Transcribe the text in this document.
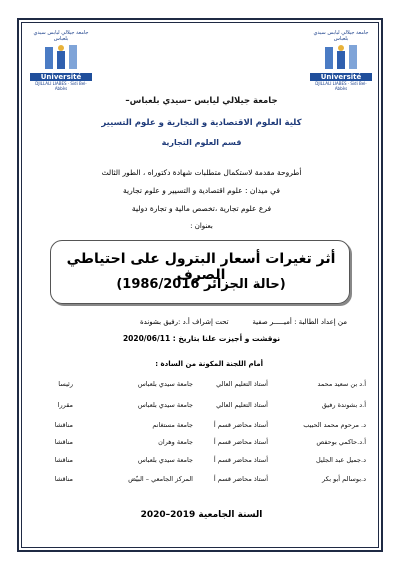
جامعة جيلالي ليابس سيدي بلعباس
Université
DJILLALI LIABES · Sidi Bel-Abbès
جامعة جيلالي ليابس سيدي بلعباس
Université
DJILLALI LIABES · Sidi Bel-Abbès
جامعة جيلالي ليابس –سيدي بلعباس–
كلية العلوم الاقتصادية و التجارية و علوم التسيير
قسم العلوم التجارية
أطروحة مقدمة لاستكمال متطلبات شهادة دكتوراه ، الطور الثالث
في ميدان : علوم اقتصادية و التسيير و علوم تجارية
فرع علوم تجارية ،تخصص مالية و تجارة دولية
بعنوان :
أثر تغيرات أسعار البترول على احتياطي الصرف
(حالة الجزائر 1986/2016)
من إعداد الطالبة : أميـــــر صفية
تحت إشراف أ.د :رفيق بشوندة
نوقشت و أجيزت علنا بتاريخ : 2020/06/11
أمام اللجنة المكونة من السادة :
أ.د بن سعيد محمد
أستاذ التعليم العالي
جامعة سيدي بلعباس
رئيسا
أ.د بشوندة رفيق
أستاذ التعليم العالي
جامعة سيدي بلعباس
مقررا
د. مرحوم محمد الحبيب
أستاذ محاضر قسم أ
جامعة مستغانم
مناقشا
أ.د.حاكمي بوحفص
أستاذ محاضر قسم أ
جامعة وهران
مناقشا
د.جميل عبد الجليل
أستاذ محاضر قسم أ
جامعة سيدي بلعباس
مناقشا
د.بوسالم أبو بكر
أستاذ محاضر قسم أ
المركز الجامعي – البيّض
مناقشا
السنة الجامعية 2019–2020
